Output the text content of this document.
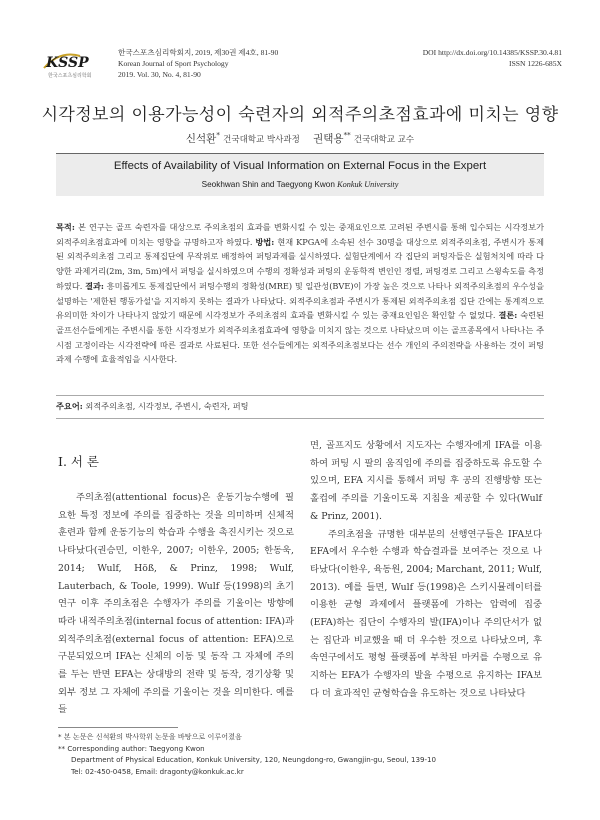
KSSP
한국스포츠심리학회
한국스포츠심리학회지, 2019, 제30권 제4호, 81-90
Korean Journal of Sport Psychology
2019. Vol. 30, No. 4, 81-90
DOI http://dx.doi.org/10.14385/KSSP.30.4.81
ISSN 1226-685X
시각정보의 이용가능성이 숙련자의 외적주의초점효과에 미치는 영향
신석환* 건국대학교 박사과정 권택용** 건국대학교 교수
Effects of Availability of Visual Information on External Focus in the Expert
Seokhwan Shin and Taegyong Kwon Konkuk University
목적: 본 연구는 골프 숙련자를 대상으로 주의초점의 효과를 변화시킬 수 있는 중재요인으로 고려된 주변시를 통해 입수되는 시각정보가 외적주의초점효과에 미치는 영향을 규명하고자 하였다. 방법: 현재 KPGA에 소속된 선수 30명을 대상으로 외적주의초점, 주변시가 통제된 외적주의초점 그리고 통제집단에 무작위로 배정하여 퍼팅과제를 실시하였다. 실험단계에서 각 집단의 퍼팅자들은 실험처치에 따라 다양한 과제거리(2m, 3m, 5m)에서 퍼팅을 실시하였으며 수행의 정확성과 퍼팅의 운동학적 변인인 정렬, 퍼팅경로 그리고 스윙속도를 측정하였다. 결과: 흥미롭게도 통제집단에서 퍼팅수행의 정확성(MRE) 및 일관성(BVE)이 가장 높은 것으로 나타나 외적주의초점의 우수성을 설명하는 '제한된 행동가설'을 지지하지 못하는 결과가 나타났다. 외적주의초점과 주변시가 통제된 외적주의초점 집단 간에는 통계적으로 유의미한 차이가 나타나지 않았기 때문에 시각정보가 주의초점의 효과를 변화시킬 수 있는 중재요인임은 확인할 수 없었다. 결론: 숙련된 골프선수들에게는 주변시를 통한 시각정보가 외적주의초점효과에 영향을 미치지 않는 것으로 나타났으며 이는 골프종목에서 나타나는 주시점 고정이라는 시각전략에 따른 결과로 사료된다. 또한 선수들에게는 외적주의초점보다는 선수 개인의 주의전략을 사용하는 것이 퍼팅과제 수행에 효율적임을 시사한다.
주요어: 외적주의초점, 시각정보, 주변시, 숙련자, 퍼팅
I. 서 론

주의초점(attentional focus)은 운동기능수행에 필요한 특정 정보에 주의를 집중하는 것을 의미하며 신체적 훈련과 함께 운동기능의 학습과 수행을 촉진시키는 것으로 나타났다(권승민, 이한우, 2007; 이한우, 2005; 한동욱, 2014; Wulf, Höß, & Prinz, 1998; Wulf, Lauterbach, & Toole, 1999). Wulf 등(1998)의 초기연구 이후 주의초점은 수행자가 주의를 기울이는 방향에 따라 내적주의초점(internal focus of attention: IFA)과 외적주의초점(external focus of attention: EFA)으로 구분되었으며 IFA는 신체의 이동 및 동작 그 자체에 주의를 두는 반면 EFA는 상대방의 전략 및 동작, 경기상황 및 외부 정보 그 자체에 주의를 기울이는 것을 의미한다. 예를 들

면, 골프지도 상황에서 지도자는 수행자에게 IFA를 이용하여 퍼팅 시 팔의 움직임에 주의를 집중하도록 유도할 수 있으며, EFA 지시를 통해서 퍼팅 후 공의 진행방향 또는 홀컵에 주의를 기울이도록 지침을 제공할 수 있다(Wulf & Prinz, 2001).

주의초점을 규명한 대부분의 선행연구들은 IFA보다 EFA에서 우수한 수행과 학습결과를 보여주는 것으로 나타났다(이한우, 육동원, 2004; Marchant, 2011; Wulf, 2013). 예를 들면, Wulf 등(1998)은 스키시뮬레이터를 이용한 균형 과제에서 플랫폼에 가하는 압력에 집중(EFA)하는 집단이 수행자의 발(IFA)이나 주의단서가 없는 집단과 비교했을 때 더 우수한 것으로 나타났으며, 후속연구에서도 평형 플랫폼에 부착된 마커를 수평으로 유지하는 EFA가 수행자의 발을 수평으로 유지하는 IFA보다 더 효과적인 균형학습을 유도하는 것으로 나타났다

* 본 논문은 신석환의 박사학위 논문을 바탕으로 이루어졌음
** Corresponding author: Taegyong Kwon
Department of Physical Education, Konkuk University, 120, Neungdong-ro, Gwangjin-gu, Seoul, 139-10
Tel: 02-450-0458, Email: dragonty@konkuk.ac.kr
